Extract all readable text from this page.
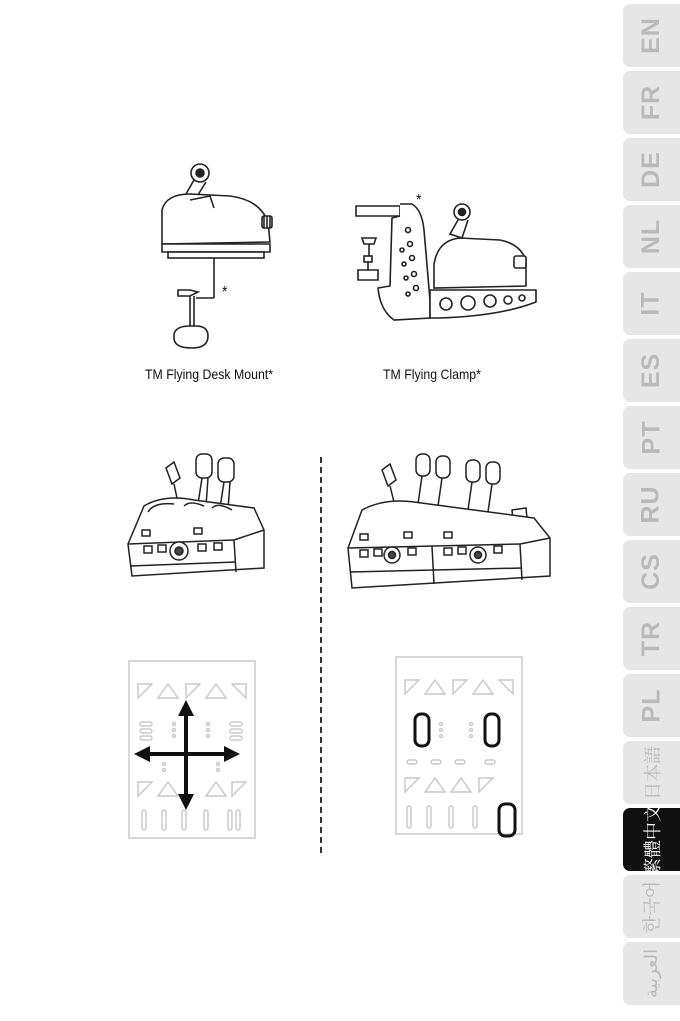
*
TM Flying Desk Mount*
*
TM Flying Clamp*
EN
FR
DE
NL
IT
ES
PT
RU
CS
TR
PL
日本語
繁體中文
한국어
العربية
